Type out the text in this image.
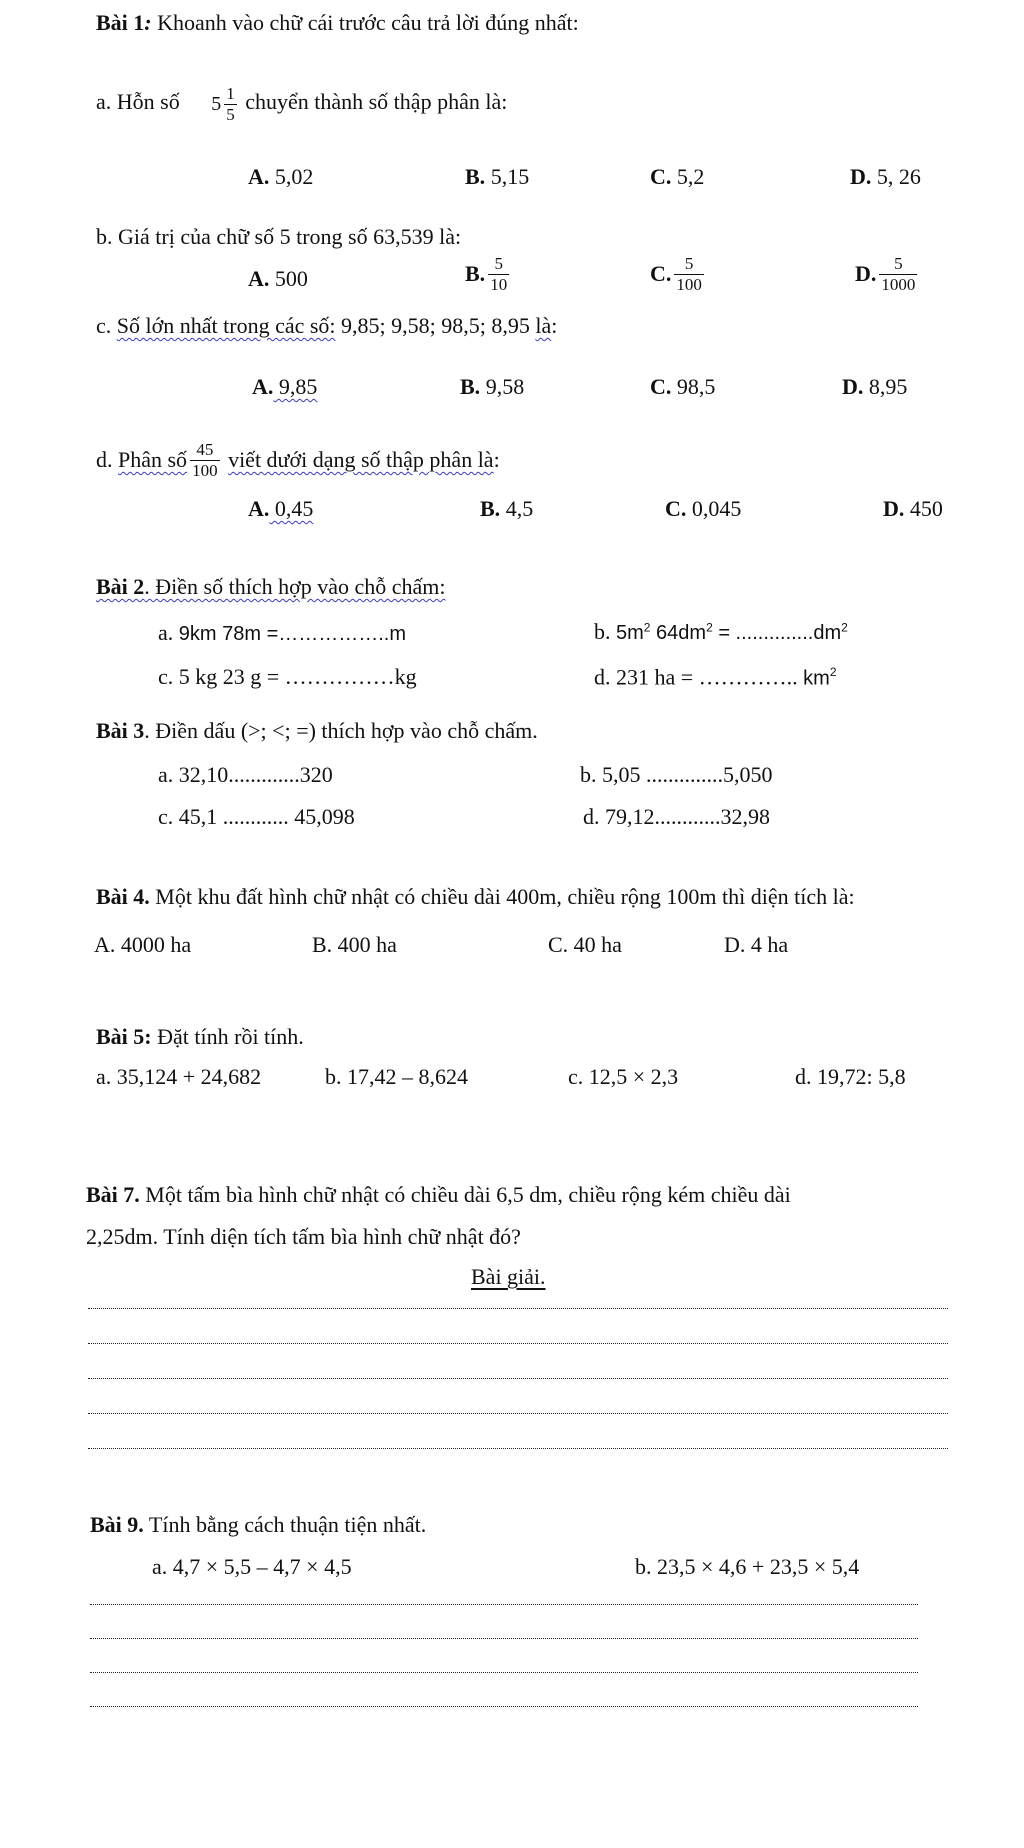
Bài 1: Khoanh vào chữ cái trước câu trả lời đúng nhất:
a. Hỗn số $5 \frac{1}{5}$ chuyển thành số thập phân là:
A. 5,02	B. 5,15	C. 5,2	D. 5, 26
b. Giá trị của chữ số 5 trong số 63,539 là:
A. 500	B. $\frac{5}{10}$	C. $\frac{5}{100}$	D. $\frac{5}{1000}$
c. Số lớn nhất trong các số: 9,85; 9,58; 98,5; 8,95 là:
A. 9,85	B. 9,58	C. 98,5	D. 8,95
d. Phân số $\frac{45}{100}$ viết dưới dạng số thập phân là:
A. 0,45	B. 4,5	C. 0,045	D. 450
Bài 2. Điền số thích hợp vào chỗ chấm:
a. 9km 78m =……………..m	b. $5m^2$ $64dm^2 = ..............dm^2$
c. 5 kg 23 g = ……………kg	d. 231 ha = ………….. $km^2$
Bài 3. Điền dấu (>; <; =) thích hợp vào chỗ chấm.
a. 32,10.............320	b. 5,05 ..............5,050
c. 45,1 ............ 45,098	d. 79,12............32,98
Bài 4. Một khu đất hình chữ nhật có chiều dài 400m, chiều rộng 100m thì diện tích là:
A. 4000 ha	B. 400 ha	C. 40 ha	D. 4 ha
Bài 5: Đặt tính rồi tính.
a. 35,124 + 24,682	b. 17,42 – 8,624	c. 12,5 × 2,3	d. 19,72: 5,8
Bài 7. Một tấm bìa hình chữ nhật có chiều dài 6,5 dm, chiều rộng kém chiều dài
2,25dm. Tính diện tích tấm bìa hình chữ nhật đó?
Bài giải.
Bài 9. Tính bằng cách thuận tiện nhất.
a. 4,7 × 5,5 – 4,7 × 4,5	b. 23,5 × 4,6 + 23,5 × 5,4
